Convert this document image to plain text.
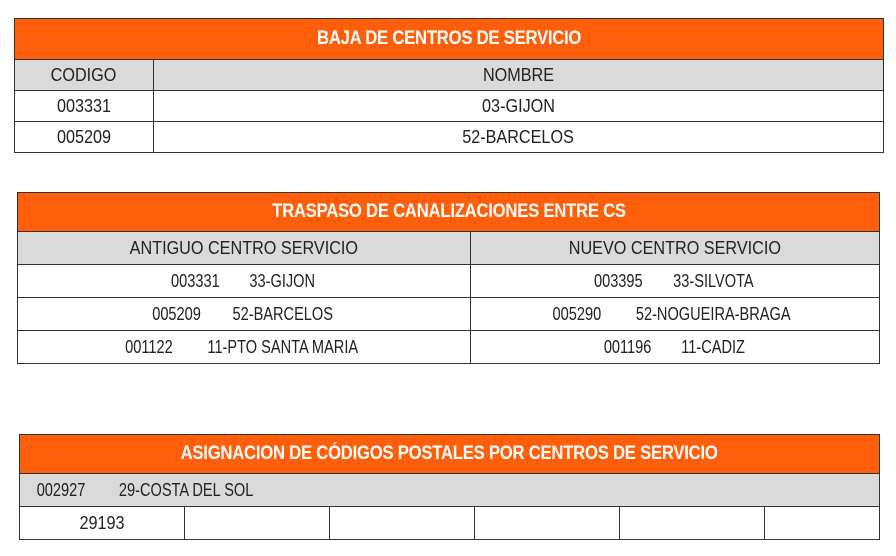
BAJA DE CENTROS DE SERVICIO	
CODIGO	NOMBRE
003331	03-GIJON
005209	52-BARCELOS
TRASPASO DE CANALIZACIONES ENTRE CS	
ANTIGUO CENTRO SERVICIO	NUEVO CENTRO SERVICIO
003331 33-GIJON	003395 33-SILVOTA
005209 52-BARCELOS	005290 52-NOGUEIRA-BRAGA
001122 11-PTO SANTA MARIA	001196 11-CADIZ
ASIGNACION DE CÓDIGOS POSTALES POR CENTROS DE SERVICIO
002927 29-COSTA DEL SOL
29193					
